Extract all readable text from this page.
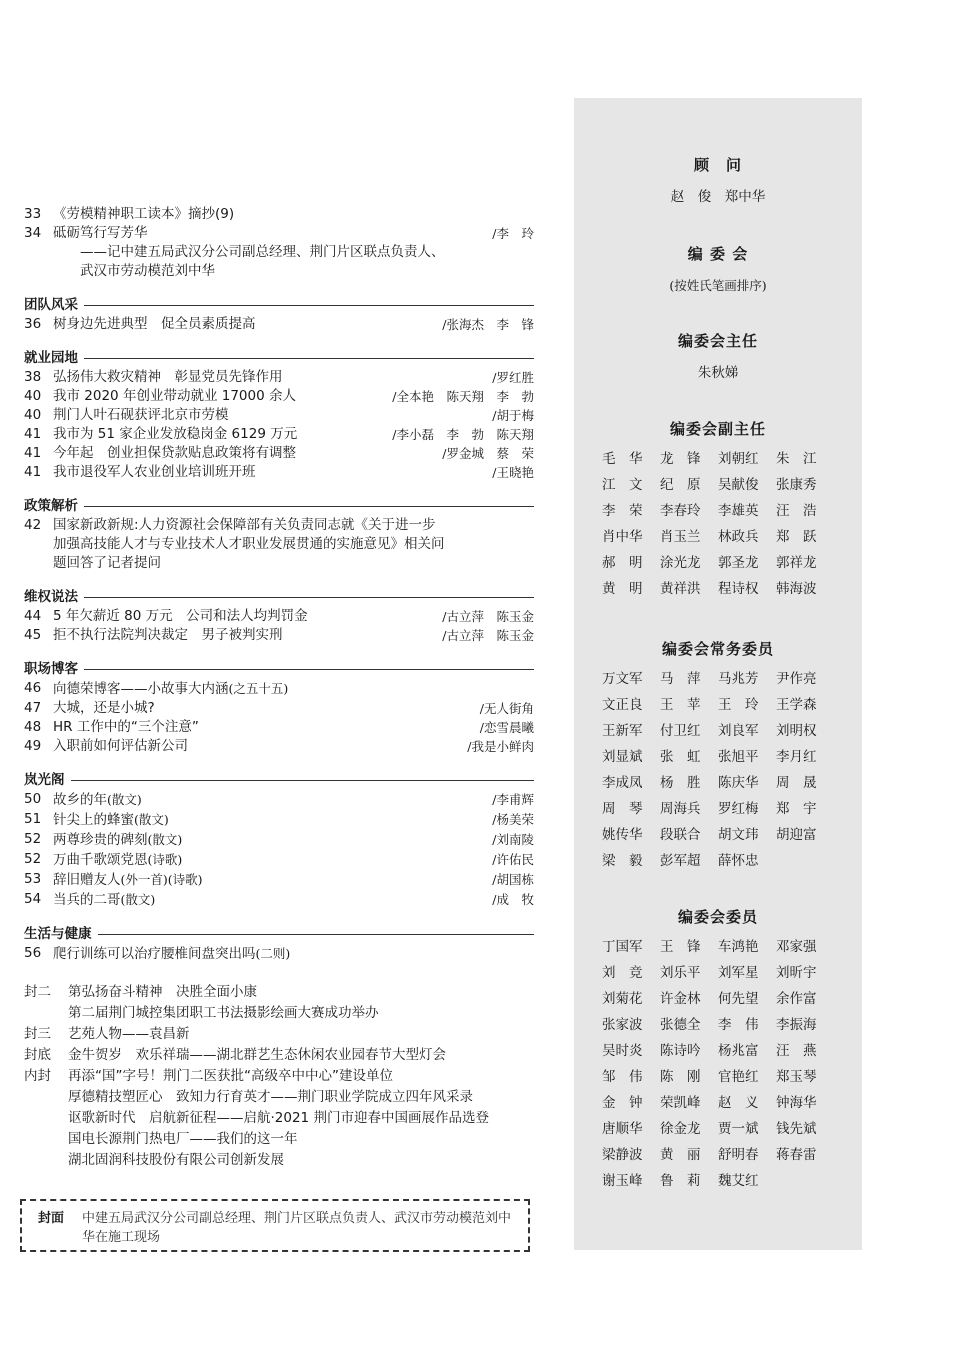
33 《劳模精神职工读本》摘抄(9)
34 砥砺笃行写芳华	/李　玲
——记中建五局武汉分公司副总经理、荆门片区联点负责人、
武汉市劳动模范刘中华
团队风采
36 树身边先进典型　促全员素质提高	/张海杰　李　锋
就业园地
38 弘扬伟大救灾精神　彰显党员先锋作用	/罗红胜
40 我市 2020 年创业带动就业 17000 余人	/全本艳　陈天翔　李　勃
40 荆门人叶石砚获评北京市劳模	/胡于梅
41 我市为 51 家企业发放稳岗金 6129 万元	/李小磊　李　勃　陈天翔
41 今年起　创业担保贷款贴息政策将有调整	/罗金城　蔡　荣
41 我市退役军人农业创业培训班开班	/王晓艳
政策解析
42 国家新政新规:人力资源社会保障部有关负责同志就《关于进一步
加强高技能人才与专业技术人才职业发展贯通的实施意见》相关问
题回答了记者提问
维权说法
44 5 年欠薪近 80 万元　公司和法人均判罚金	/古立萍　陈玉金
45 拒不执行法院判决裁定　男子被判实刑	/古立萍　陈玉金
职场博客
46 向德荣博客——小故事大内涵(之五十五)
47 大城，还是小城?	/无人街角
48 HR 工作中的“三个注意”	/恋雪晨曦
49 入职前如何评估新公司	/我是小鲜肉
岚光阁
50 故乡的年(散文)	/李甫辉
51 针尖上的蜂蜜(散文)	/杨美荣
52 两尊珍贵的碑刻(散文)	/刘南陵
52 万曲千歌颂党恩(诗歌)	/许佑民
53 辞旧赠友人(外一首)(诗歌)	/胡国栋
54 当兵的二哥(散文)	/成　牧
生活与健康
56 爬行训练可以治疗腰椎间盘突出吗(二则)
封二	第弘扬奋斗精神　决胜全面小康
第二届荆门城控集团职工书法摄影绘画大赛成功举办
封三	艺苑人物——袁昌新
封底	金牛贺岁　欢乐祥瑞——湖北群艺生态休闲农业园春节大型灯会
内封	再添“国”字号！荆门二医获批“高级卒中中心”建设单位
厚德精技塑匠心　致知力行育英才——荆门职业学院成立四年风采录
讴歌新时代　启航新征程——启航·2021 荆门市迎春中国画展作品选登
国电长源荆门热电厂——我们的这一年
湖北固润科技股份有限公司创新发展
封面	中建五局武汉分公司副总经理、荆门片区联点负责人、武汉市劳动模范刘中华在施工现场
顾　问
赵　俊　郑中华
编 委 会
(按姓氏笔画排序)
编委会主任
朱秋娣
编委会副主任
毛　华	龙　锋	刘朝红	朱　江
江　文	纪　原	吴献俊	张康秀
李　荣	李春玲	李雄英	汪　浩
肖中华	肖玉兰	林政兵	郑　跃
郝　明	涂光龙	郭圣龙	郭祥龙
黄　明	黄祥洪	程诗权	韩海波
编委会常务委员
万文军	马　萍	马兆芳	尹作亮
文正良	王　苹	王　玲	王学森
王新军	付卫红	刘良军	刘明权
刘显斌	张　虹	张旭平	李月红
李成凤	杨　胜	陈庆华	周　晟
周　琴	周海兵	罗红梅	郑　宇
姚传华	段联合	胡文玮	胡迎富
梁　毅	彭军超	薛怀忠
编委会委员
丁国军	王　锋	车鸿艳	邓家强
刘　竞	刘乐平	刘军星	刘昕宇
刘菊花	许金林	何先望	余作富
张家波	张德全	李　伟	李振海
吴时炎	陈诗吟	杨兆富	汪　燕
邹　伟	陈　刚	官艳红	郑玉琴
金　钟	荣凯峰	赵　义	钟海华
唐顺华	徐金龙	贾一斌	钱先斌
梁静波	黄　丽	舒明春	蒋春雷
谢玉峰	鲁　莉	魏艾红
